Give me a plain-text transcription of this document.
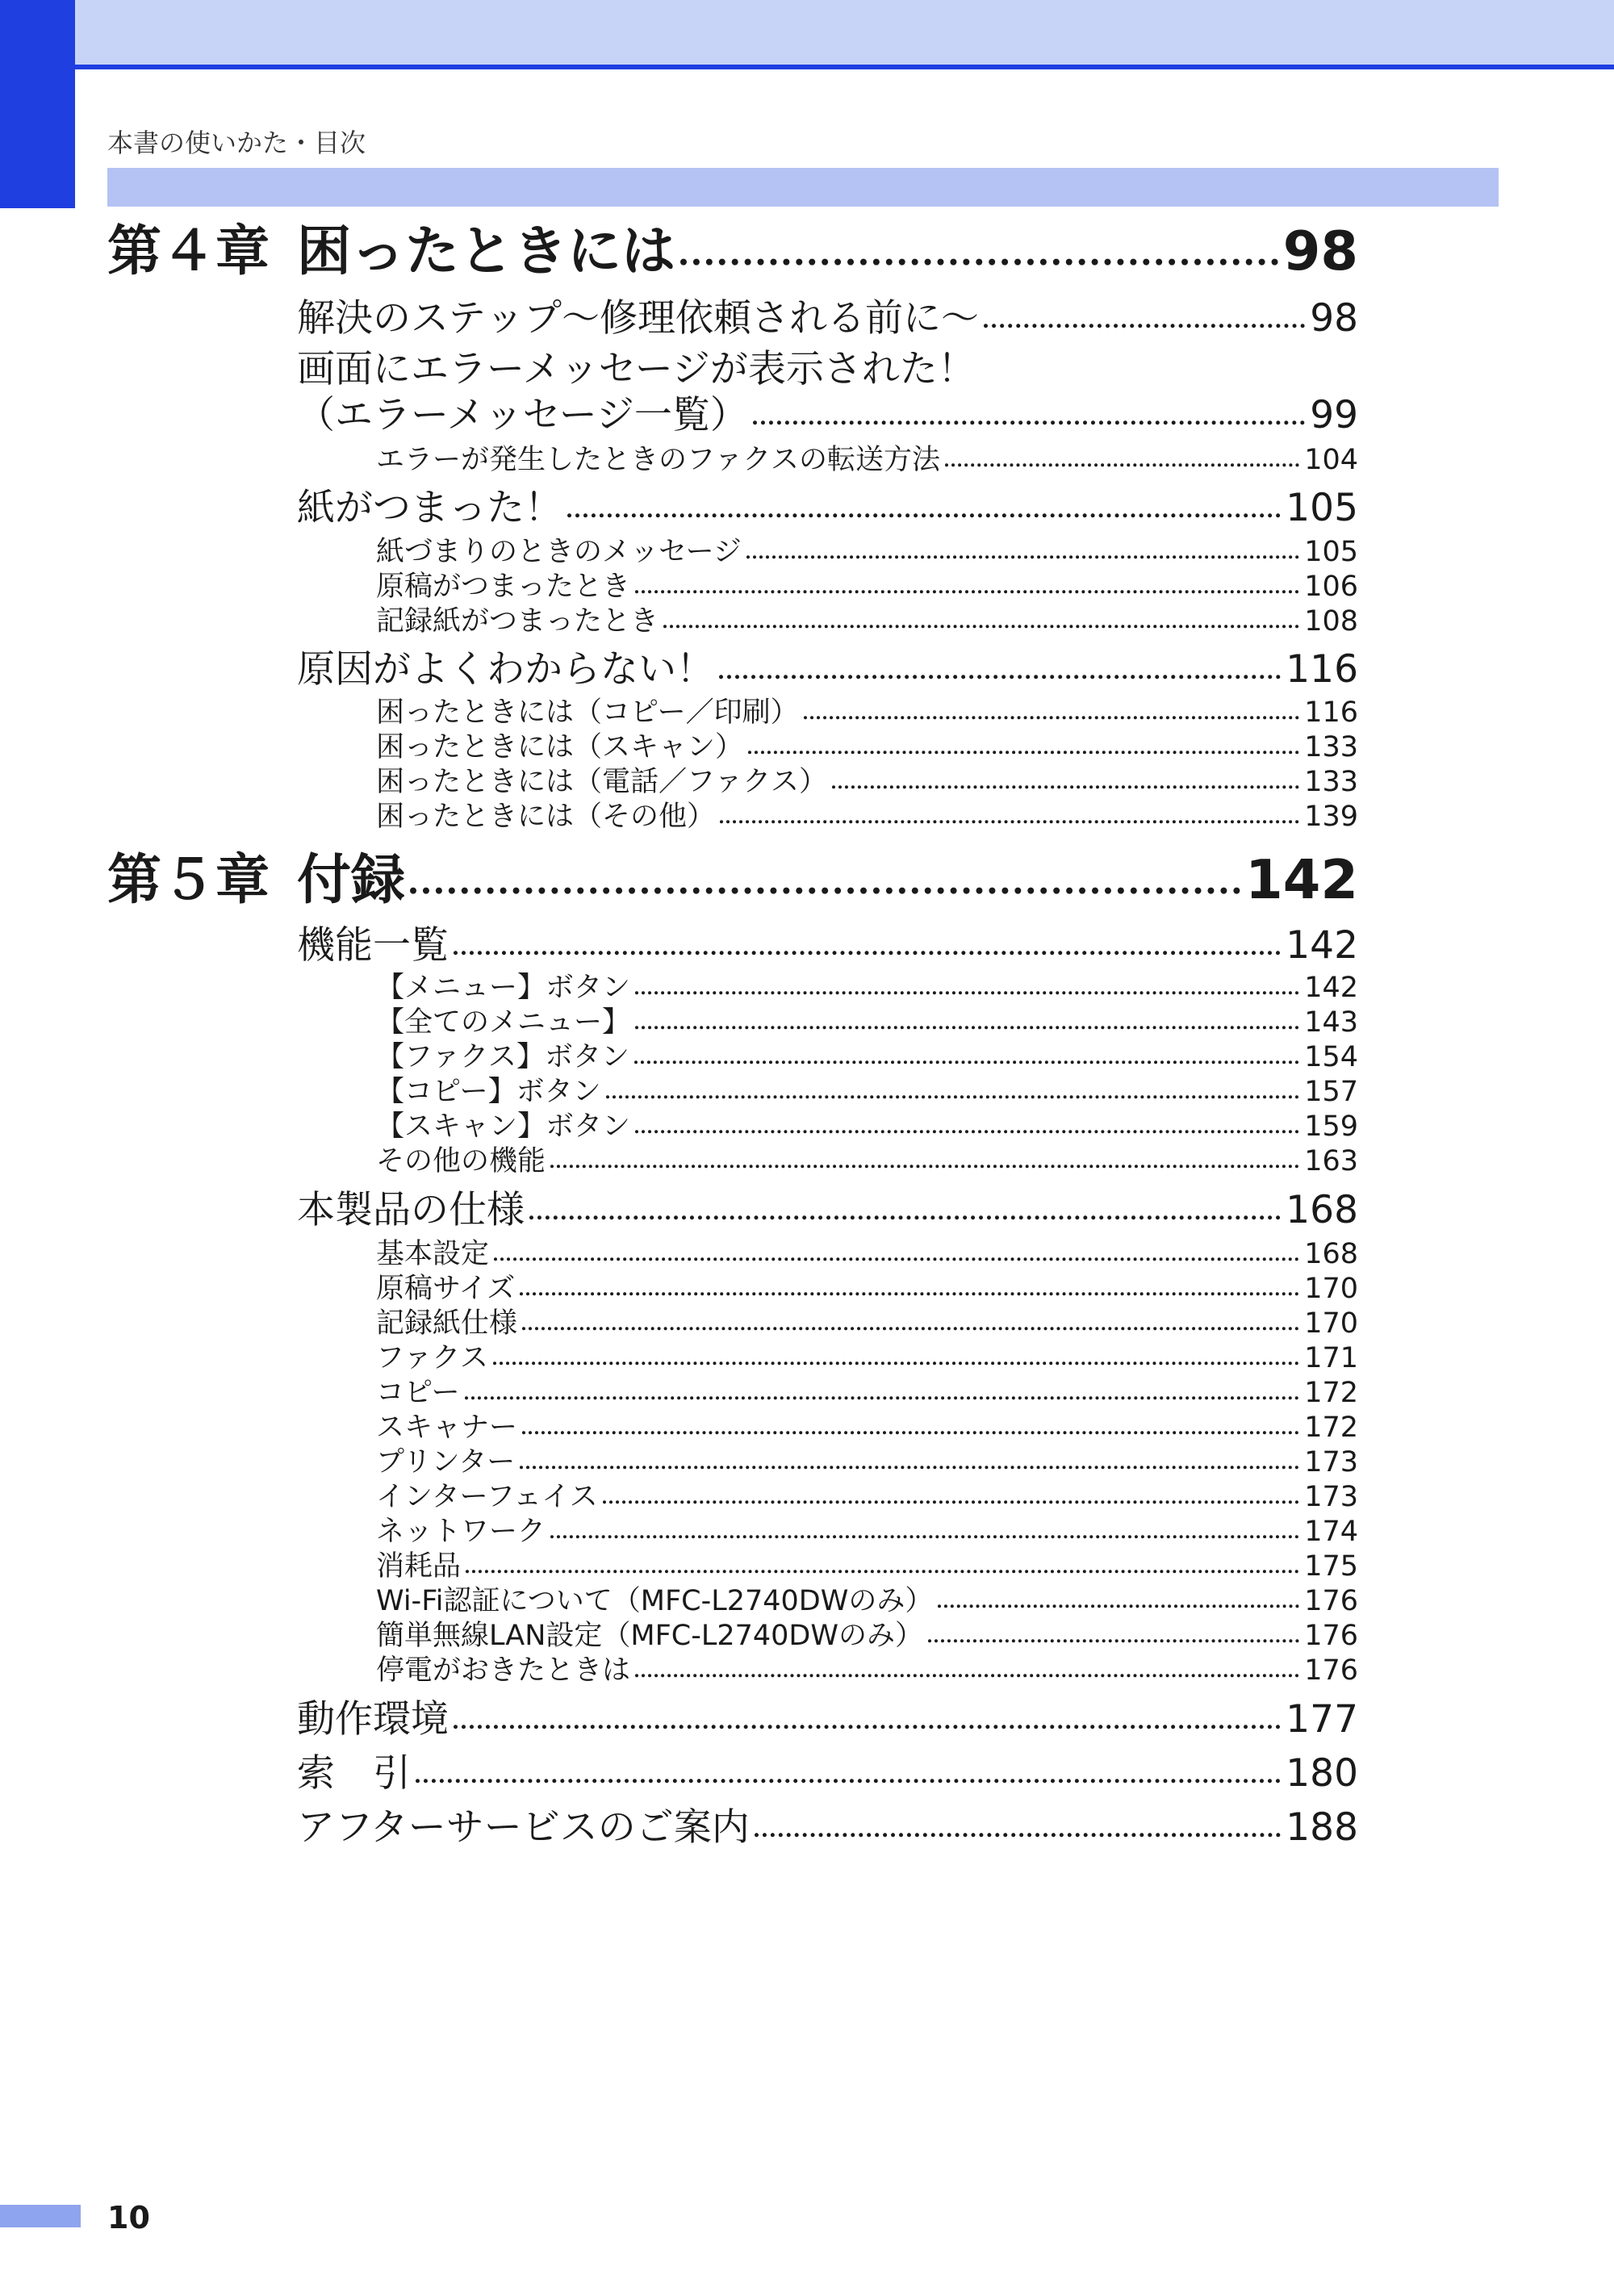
本書の使いかた・目次
第４章 困ったときには	98
解決のステップ～修理依頼される前に～	98
画面にエラーメッセージが表示された！
（エラーメッセージ一覧）	99
エラーが発生したときのファクスの転送方法	104
紙がつまった！	105
紙づまりのときのメッセージ	105
原稿がつまったとき	106
記録紙がつまったとき	108
原因がよくわからない！	116
困ったときには（コピー／印刷）	116
困ったときには（スキャン）	133
困ったときには（電話／ファクス）	133
困ったときには（その他）	139
第５章 付録	142
機能一覧	142
【メニュー】ボタン	142
【全てのメニュー】	143
【ファクス】ボタン	154
【コピー】ボタン	157
【スキャン】ボタン	159
その他の機能	163
本製品の仕様	168
基本設定	168
原稿サイズ	170
記録紙仕様	170
ファクス	171
コピー	172
スキャナー	172
プリンター	173
インターフェイス	173
ネットワーク	174
消耗品	175
Wi-Fi認証について（MFC-L2740DWのみ）	176
簡単無線LAN設定（MFC-L2740DWのみ）	176
停電がおきたときは	176
動作環境	177
索　引	180
アフターサービスのご案内	188
10
